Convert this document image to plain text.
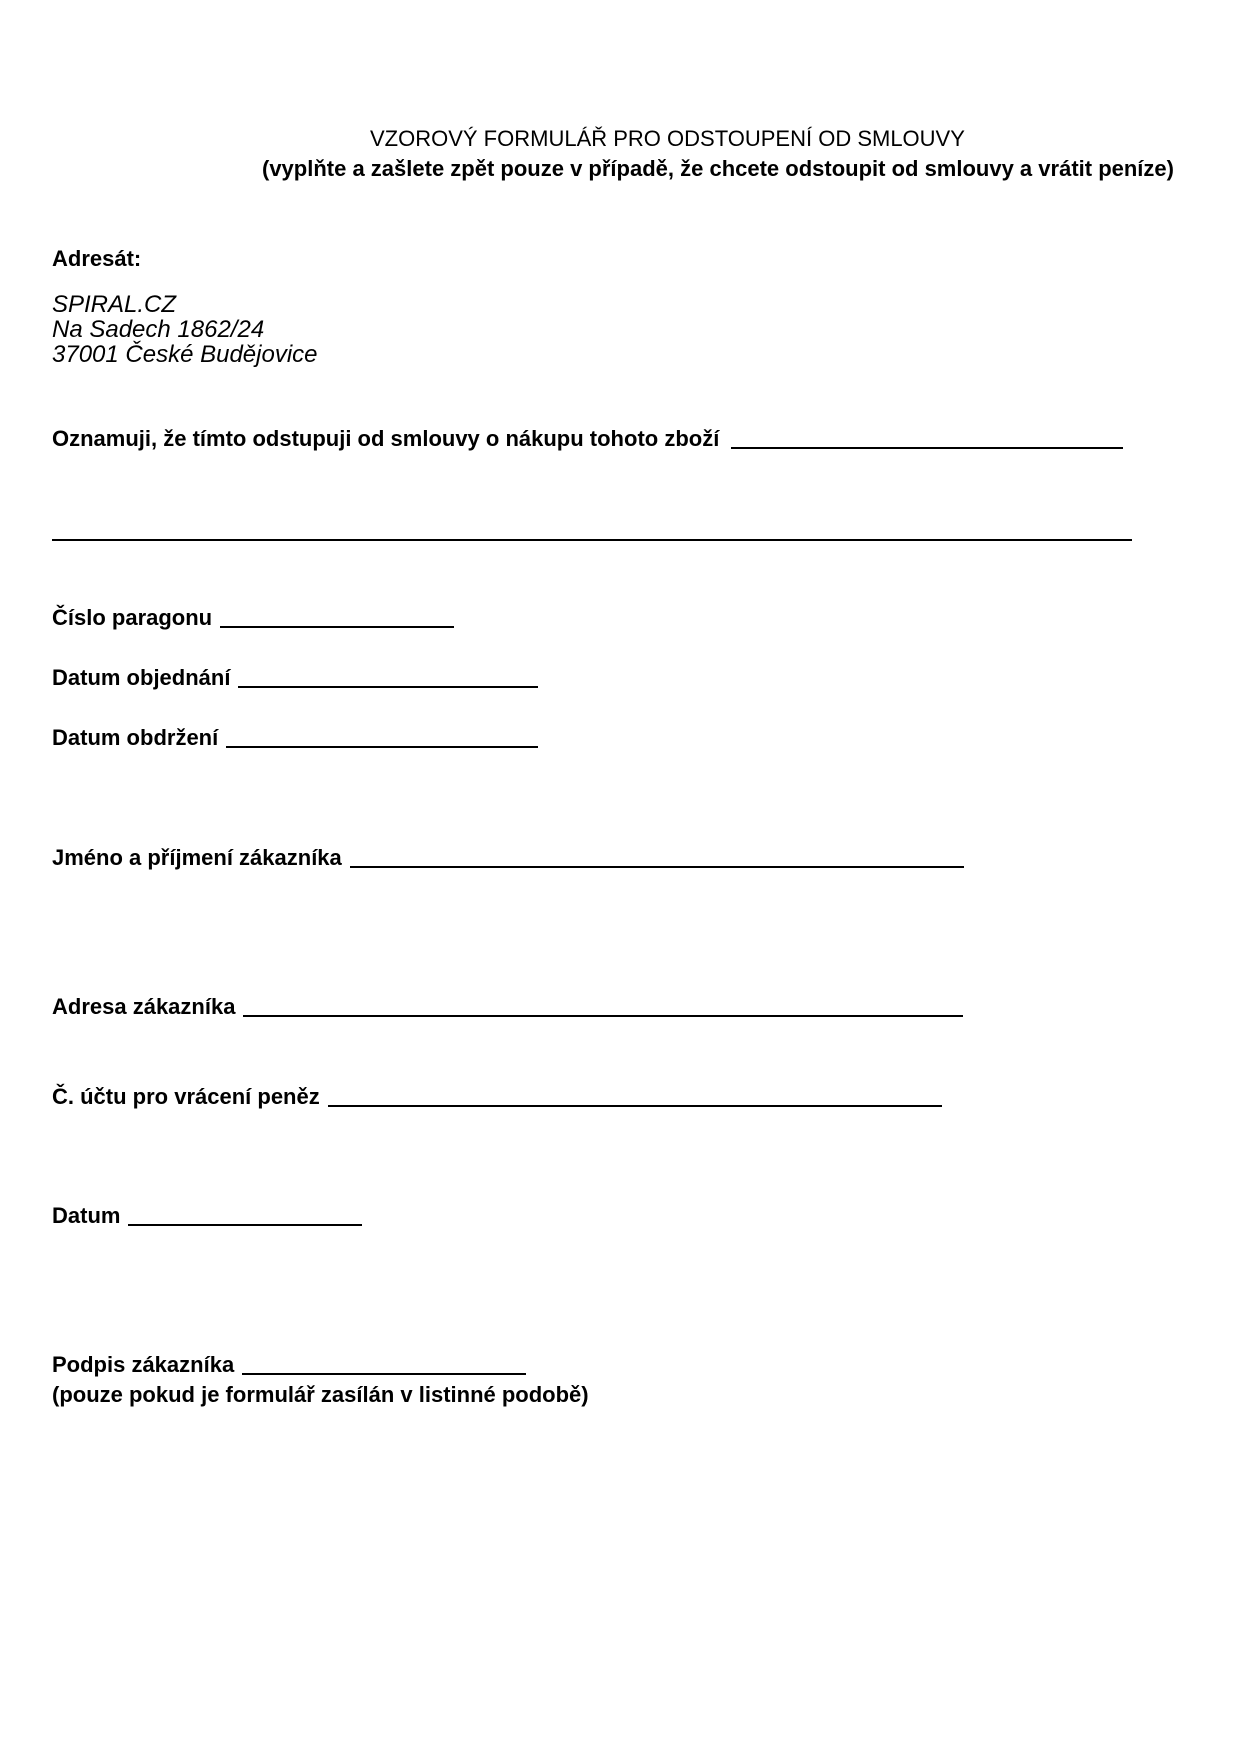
VZOROVÝ FORMULÁŘ PRO ODSTOUPENÍ OD SMLOUVY
(vyplňte a zašlete zpět pouze v případě, že chcete odstoupit od smlouvy a vrátit peníze)
Adresát:
SPIRAL.CZ
Na Sadech 1862/24
37001 České Budějovice
Oznamuji, že tímto odstupuji od smlouvy o nákupu tohoto zboží
Číslo paragonu
Datum objednání
Datum obdržení
Jméno a příjmení zákazníka
Adresa zákazníka
Č. účtu pro vrácení peněz
Datum
Podpis zákazníka
(pouze pokud je formulář zasílán v listinné podobě)
